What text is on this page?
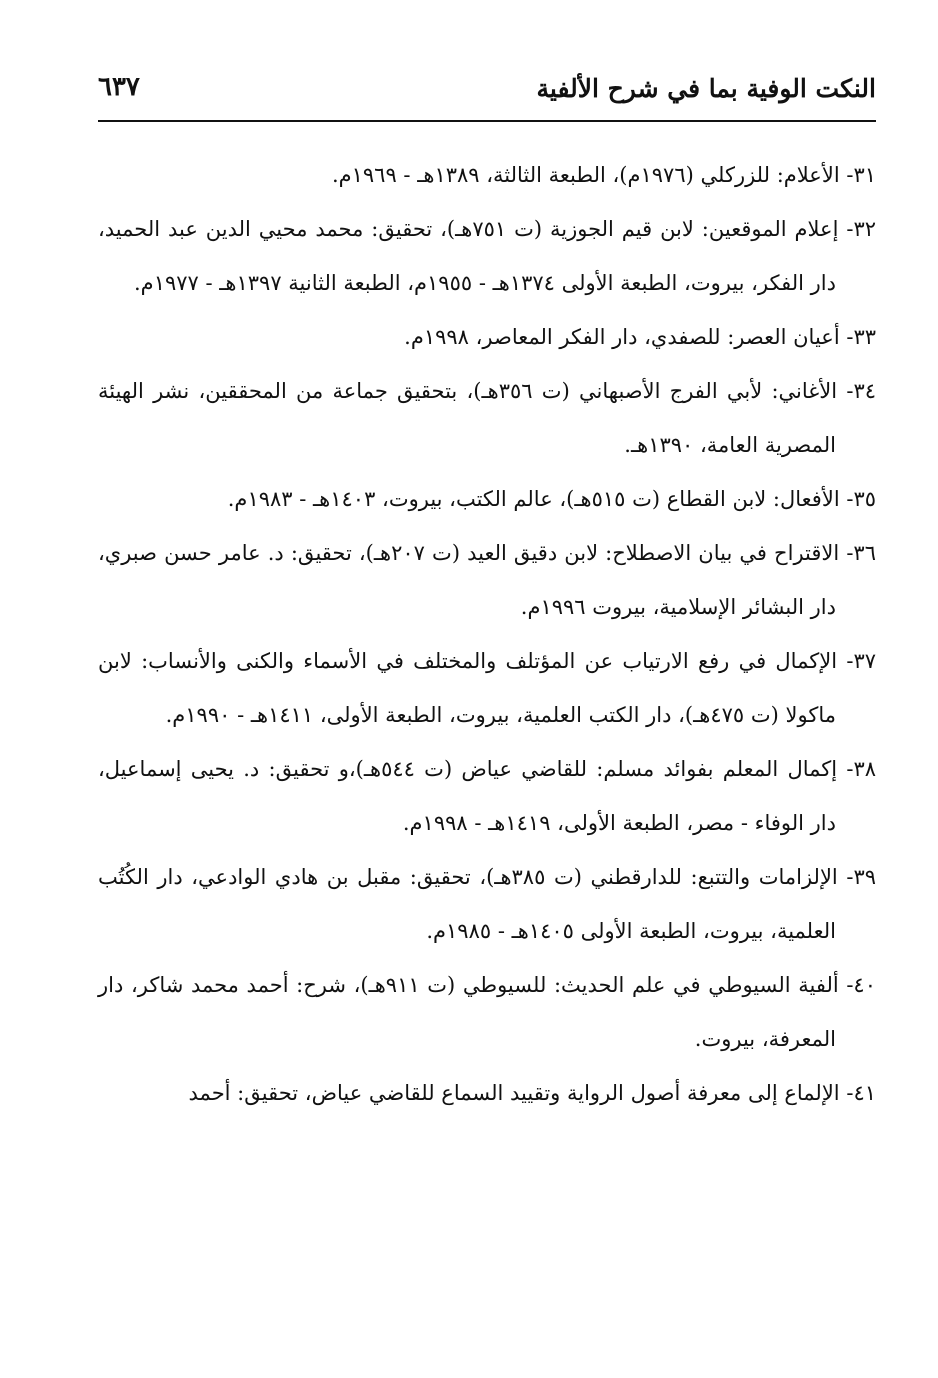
النكت الوفية بما في شرح الألفية
٦٣٧

٣١- الأعلام: للزركلي (١٩٧٦م)، الطبعة الثالثة، ١٣٨٩هـ - ١٩٦٩م.

٣٢- إعلام الموقعين: لابن قيم الجوزية (ت ٧٥١هـ)، تحقيق: محمد محيي الدين عبد الحميد، دار الفكر، بيروت، الطبعة الأولى ١٣٧٤هـ - ١٩٥٥م، الطبعة الثانية ١٣٩٧هـ - ١٩٧٧م.

٣٣- أعيان العصر: للصفدي، دار الفكر المعاصر، ١٩٩٨م.

٣٤- الأغاني: لأبي الفرج الأصبهاني (ت ٣٥٦هـ)، بتحقيق جماعة من المحققين، نشر الهيئة المصرية العامة، ١٣٩٠هـ.

٣٥- الأفعال: لابن القطاع (ت ٥١٥هـ)، عالم الكتب، بيروت، ١٤٠٣هـ - ١٩٨٣م.

٣٦- الاقتراح في بيان الاصطلاح: لابن دقيق العيد (ت ٢٠٧هـ)، تحقيق: د. عامر حسن صبري، دار البشائر الإسلامية، بيروت ١٩٩٦م.

٣٧- الإكمال في رفع الارتياب عن المؤتلف والمختلف في الأسماء والكنى والأنساب: لابن ماكولا (ت ٤٧٥هـ)، دار الكتب العلمية، بيروت، الطبعة الأولى، ١٤١١هـ - ١٩٩٠م.

٣٨- إكمال المعلم بفوائد مسلم: للقاضي عياض (ت ٥٤٤هـ)،و تحقيق: د. يحيى إسماعيل، دار الوفاء - مصر، الطبعة الأولى، ١٤١٩هـ - ١٩٩٨م.

٣٩- الإلزامات والتتبع: للدارقطني (ت ٣٨٥هـ)، تحقيق: مقبل بن هادي الوادعي، دار الكُتُب العلمية، بيروت، الطبعة الأولى ١٤٠٥هـ - ١٩٨٥م.

٤٠- ألفية السيوطي في علم الحديث: للسيوطي (ت ٩١١هـ)، شرح: أحمد محمد شاكر، دار المعرفة، بيروت.

٤١- الإلماع إلى معرفة أصول الرواية وتقييد السماع للقاضي عياض، تحقيق: أحمد
